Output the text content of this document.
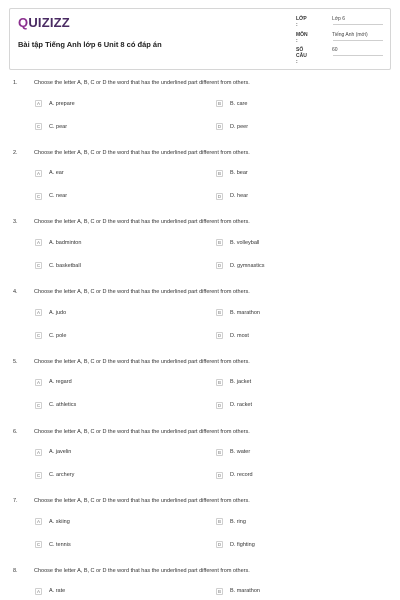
QUIZIZZ
Bài tập Tiếng Anh lớp 6 Unit 8 có đáp án
LỚP :
Lớp 6
MÔN :
Tiếng Anh (mới)
SỐ CÂU :
60
1.	Choose the letter A, B, C or D the word that has the underlined part different from others.
A	A. prepare	B	B. care
C	C. pear	D	D. peer
2.	Choose the letter A, B, C or D the word that has the underlined part different from others.
A	A. ear	B	B. bear
C	C. near	D	D. hear
3.	Choose the letter A, B, C or D the word that has the underlined part different from others.
A	A. badminton	B	B. volleyball
C	C. basketball	D	D. gymnastics
4.	Choose the letter A, B, C or D the word that has the underlined part different from others.
A	A. judo	B	B. marathon
C	C. pole	D	D. most
5.	Choose the letter A, B, C or D the word that has the underlined part different from others.
A	A. regard	B	B. jacket
C	C. athletics	D	D. racket
6.	Choose the letter A, B, C or D the word that has the underlined part different from others.
A	A. javelin	B	B. water
C	C. archery	D	D. record
7.	Choose the letter A, B, C or D the word that has the underlined part different from others.
A	A. skiing	B	B. ring
C	C. tennis	D	D. fighting
8.	Choose the letter A, B, C or D the word that has the underlined part different from others.
A	A. rate	B	B. marathon
